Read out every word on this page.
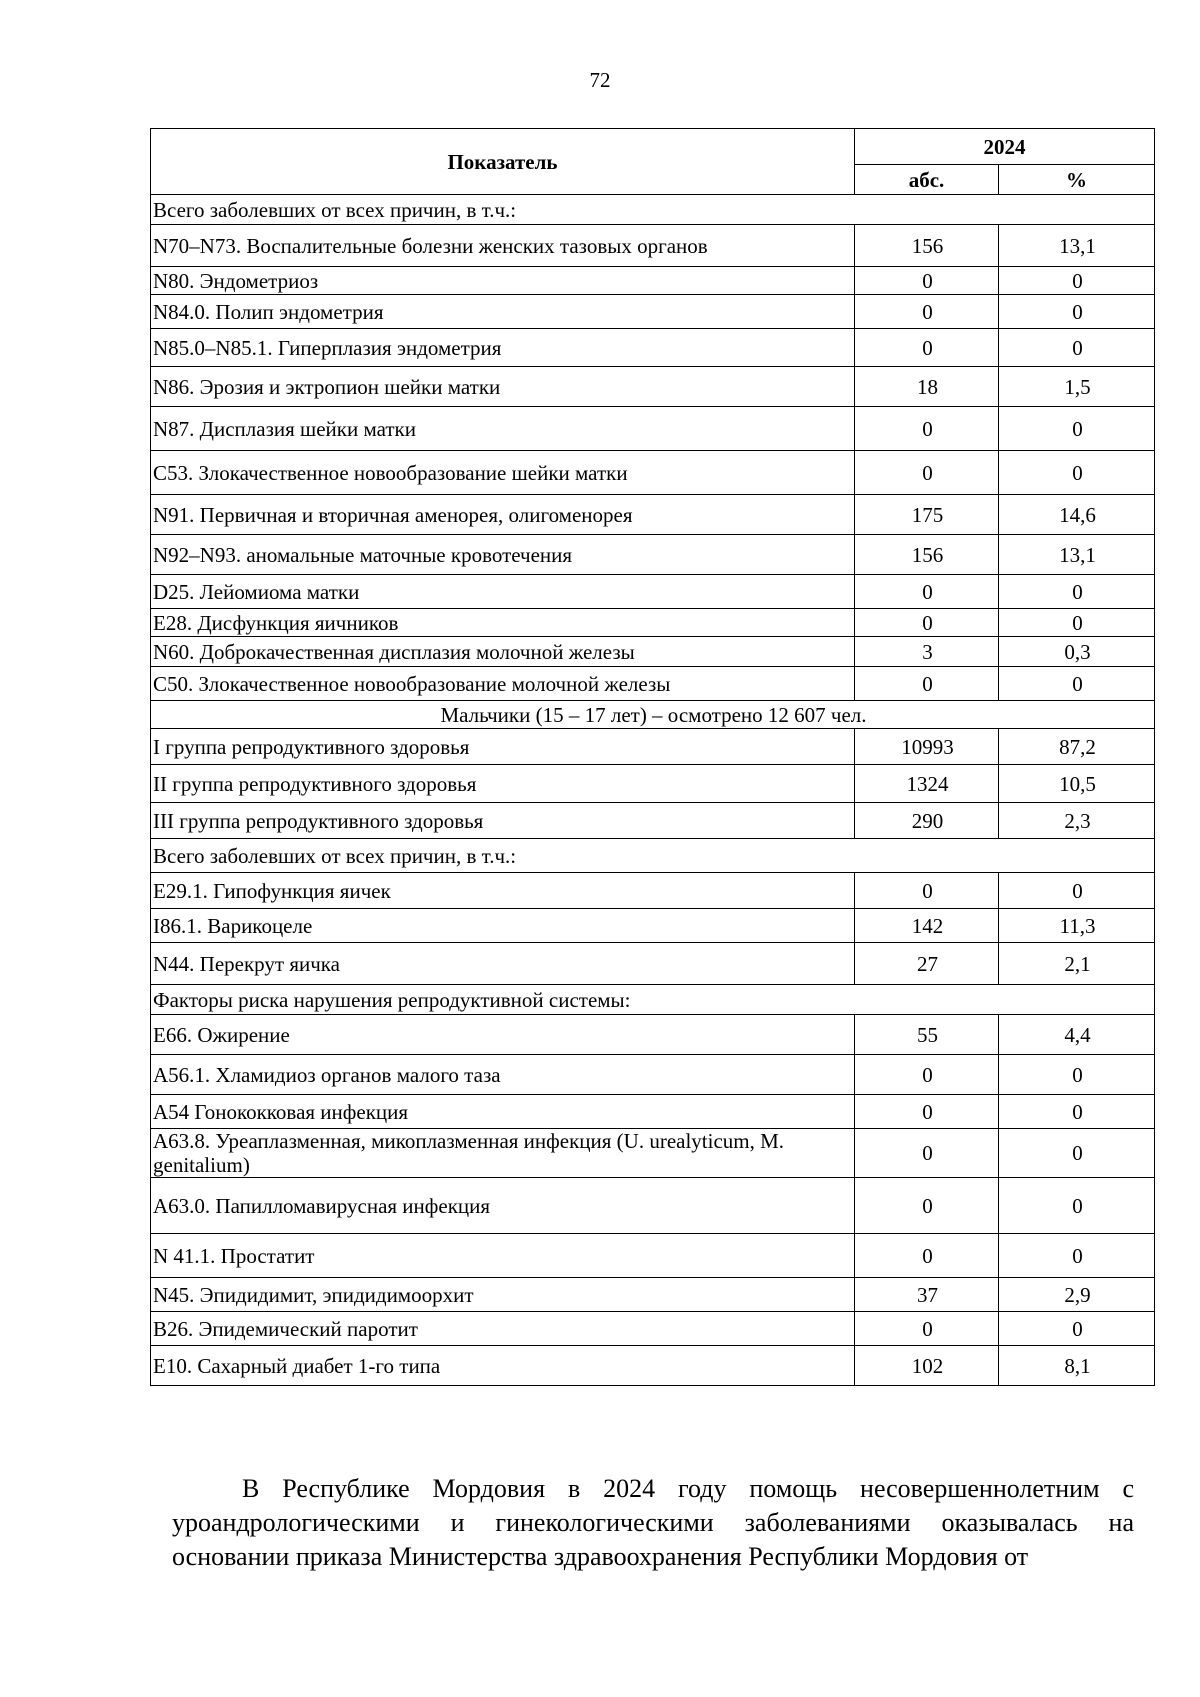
72
Показатель	2024	
	абс.	%
Всего заболевших от всех причин, в т.ч.:		
N70–N73. Воспалительные болезни женских тазовых органов	156	13,1
N80. Эндометриоз	0	0
N84.0. Полип эндометрия	0	0
N85.0–N85.1. Гиперплазия эндометрия	0	0
N86. Эрозия и эктропион шейки матки	18	1,5
N87. Дисплазия шейки матки	0	0
C53. Злокачественное новообразование шейки матки	0	0
N91. Первичная и вторичная аменорея, олигоменорея	175	14,6
N92–N93. аномальные маточные кровотечения	156	13,1
D25. Лейомиома матки	0	0
E28. Дисфункция яичников	0	0
N60. Доброкачественная дисплазия молочной железы	3	0,3
C50. Злокачественное новообразование молочной железы	0	0
Мальчики (15 – 17 лет) – осмотрено 12 607 чел.		
I группа репродуктивного здоровья	10993	87,2
II группа репродуктивного здоровья	1324	10,5
III группа репродуктивного здоровья	290	2,3
Всего заболевших от всех причин, в т.ч.:		
E29.1. Гипофункция яичек	0	0
I86.1. Варикоцеле	142	11,3
N44. Перекрут яичка	27	2,1
Факторы риска нарушения репродуктивной системы:		
E66. Ожирение	55	4,4
A56.1. Хламидиоз органов малого таза	0	0
A54 Гонококковая инфекция	0	0
A63.8. Уреаплазменная, микоплазменная инфекция (U. urealyticum, M. genitalium)	0	0
A63.0. Папилломавирусная инфекция	0	0
N 41.1. Простатит	0	0
N45. Эпидидимит, эпидидимоорхит	37	2,9
B26. Эпидемический паротит	0	0
E10. Сахарный диабет 1-го типа	102	8,1

В Республике Мордовия в 2024 году помощь несовершеннолетним с уроандрологическими и гинекологическими заболеваниями оказывалась на основании приказа Министерства здравоохранения Республики Мордовия от
